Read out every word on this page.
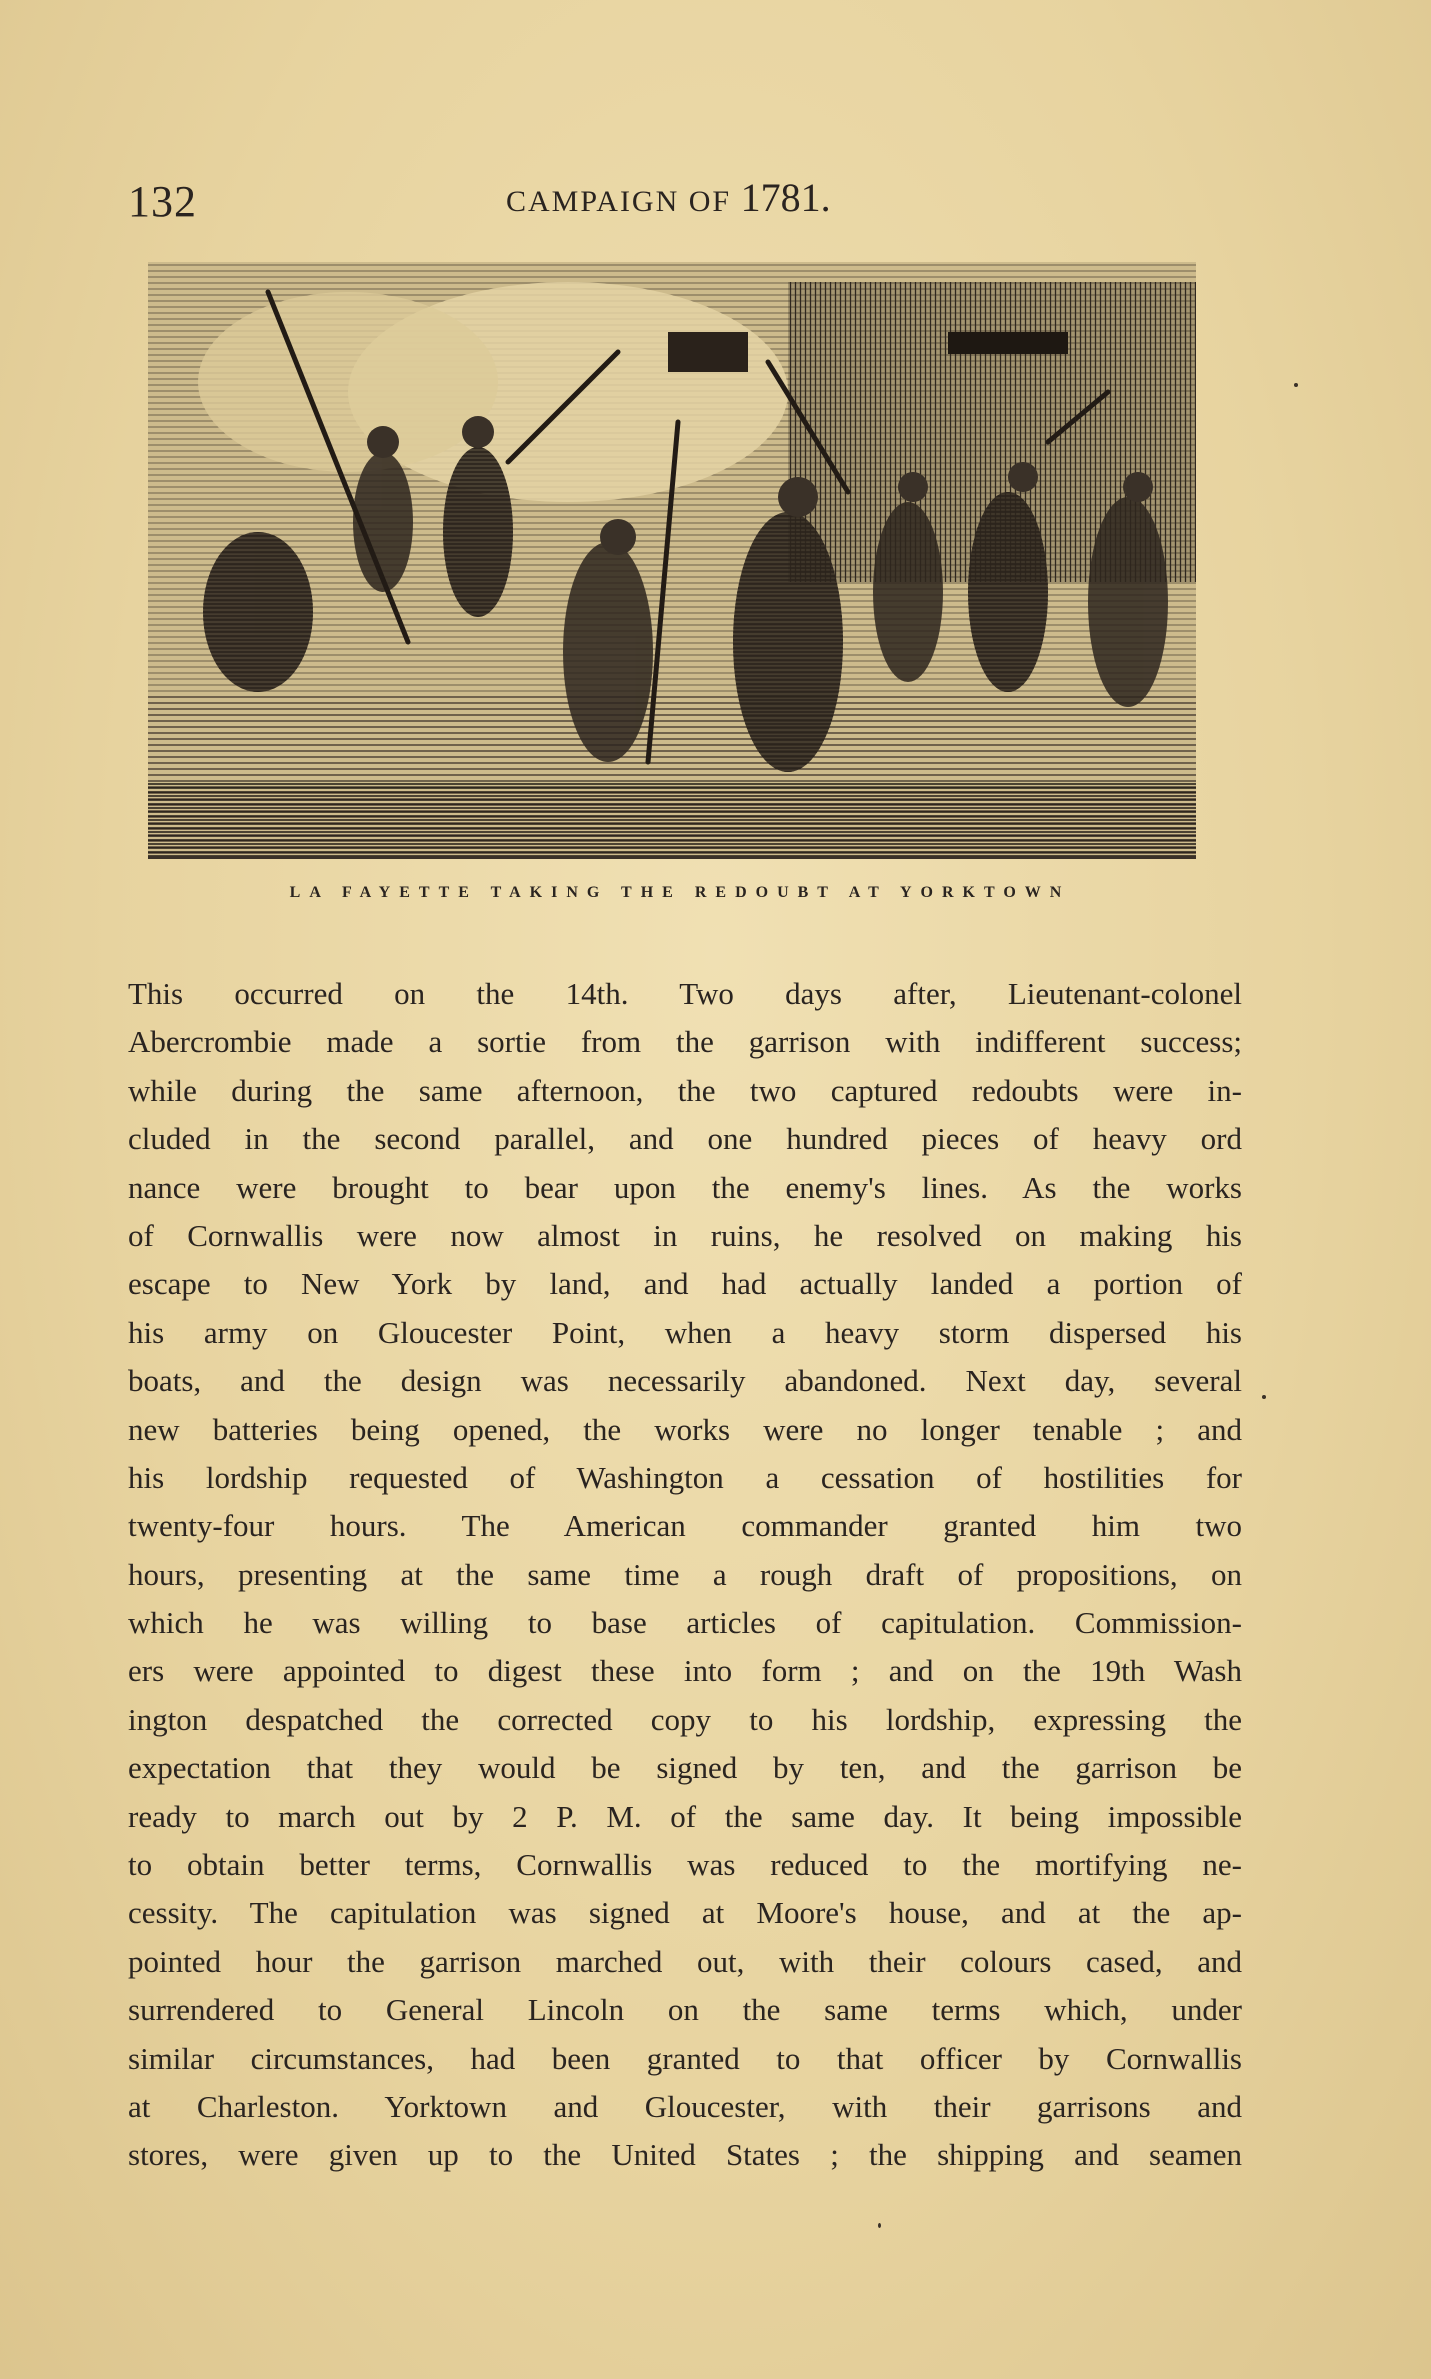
132	CAMPAIGN OF 1781.
LA FAYETTE TAKING THE REDOUBT AT YORKTOWN
This occurred on the 14th. Two days after, Lieutenant-colonel
Abercrombie made a sortie from the garrison with indifferent success;
while during the same afternoon, the two captured redoubts were in-
cluded in the second parallel, and one hundred pieces of heavy ord
nance were brought to bear upon the enemy's lines. As the works
of Cornwallis were now almost in ruins, he resolved on making his
escape to New York by land, and had actually landed a portion of
his army on Gloucester Point, when a heavy storm dispersed his
boats, and the design was necessarily abandoned. Next day, several
new batteries being opened, the works were no longer tenable ; and
his lordship requested of Washington a cessation of hostilities for
twenty-four hours. The American commander granted him two
hours, presenting at the same time a rough draft of propositions, on
which he was willing to base articles of capitulation. Commission-
ers were appointed to digest these into form ; and on the 19th Wash
ington despatched the corrected copy to his lordship, expressing the
expectation that they would be signed by ten, and the garrison be
ready to march out by 2 P. M. of the same day. It being impossible
to obtain better terms, Cornwallis was reduced to the mortifying ne-
cessity. The capitulation was signed at Moore's house, and at the ap-
pointed hour the garrison marched out, with their colours cased, and
surrendered to General Lincoln on the same terms which, under
similar circumstances, had been granted to that officer by Cornwallis
at Charleston. Yorktown and Gloucester, with their garrisons and
stores, were given up to the United States ; the shipping and seamen
